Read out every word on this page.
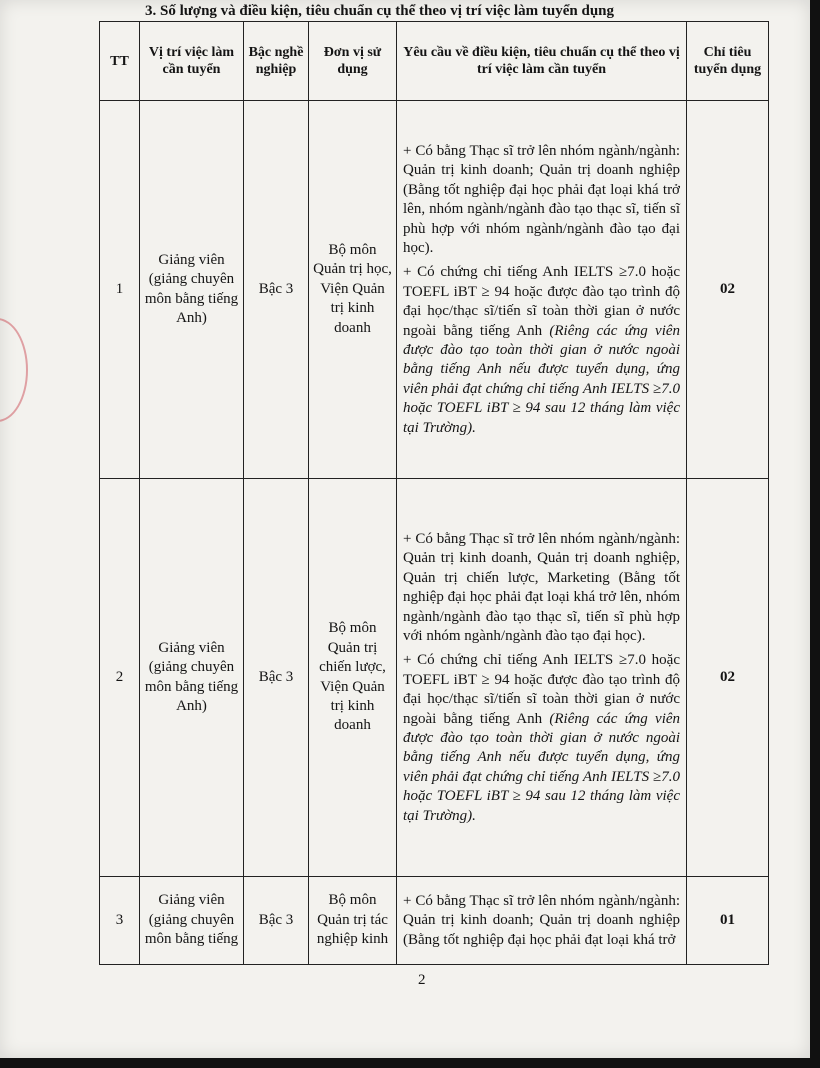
3. Số lượng và điều kiện, tiêu chuẩn cụ thể theo vị trí việc làm tuyển dụng
TT	Vị trí việc làm cần tuyển	Bậc nghề nghiệp	Đơn vị sử dụng	Yêu cầu về điều kiện, tiêu chuẩn cụ thể theo vị trí việc làm cần tuyển	Chỉ tiêu tuyển dụng
1	Giảng viên (giảng chuyên môn bằng tiếng Anh)	Bậc 3	Bộ môn Quản trị học, Viện Quản trị kinh doanh	+ Có bằng Thạc sĩ trở lên nhóm ngành/ngành: Quản trị kinh doanh; Quản trị doanh nghiệp (Bằng tốt nghiệp đại học phải đạt loại khá trở lên, nhóm ngành/ngành đào tạo thạc sĩ, tiến sĩ phù hợp với nhóm ngành/ngành đào tạo đại học).

+ Có chứng chỉ tiếng Anh IELTS ≥7.0 hoặc TOEFL iBT ≥ 94 hoặc được đào tạo trình độ đại học/thạc sĩ/tiến sĩ toàn thời gian ở nước ngoài bằng tiếng Anh (Riêng các ứng viên được đào tạo toàn thời gian ở nước ngoài bằng tiếng Anh nếu được tuyển dụng, ứng viên phải đạt chứng chỉ tiếng Anh IELTS ≥7.0 hoặc TOEFL iBT ≥ 94 sau 12 tháng làm việc tại Trường).	02
2	Giảng viên (giảng chuyên môn bằng tiếng Anh)	Bậc 3	Bộ môn Quản trị chiến lược, Viện Quản trị kinh doanh	+ Có bằng Thạc sĩ trở lên nhóm ngành/ngành: Quản trị kinh doanh, Quản trị doanh nghiệp, Quản trị chiến lược, Marketing (Bằng tốt nghiệp đại học phải đạt loại khá trở lên, nhóm ngành/ngành đào tạo thạc sĩ, tiến sĩ phù hợp với nhóm ngành/ngành đào tạo đại học).

+ Có chứng chỉ tiếng Anh IELTS ≥7.0 hoặc TOEFL iBT ≥ 94 hoặc được đào tạo trình độ đại học/thạc sĩ/tiến sĩ toàn thời gian ở nước ngoài bằng tiếng Anh (Riêng các ứng viên được đào tạo toàn thời gian ở nước ngoài bằng tiếng Anh nếu được tuyển dụng, ứng viên phải đạt chứng chỉ tiếng Anh IELTS ≥7.0 hoặc TOEFL iBT ≥ 94 sau 12 tháng làm việc tại Trường).	02
3	Giảng viên (giảng chuyên môn bằng tiếng	Bậc 3	Bộ môn Quản trị tác nghiệp kinh	+ Có bằng Thạc sĩ trở lên nhóm ngành/ngành: Quản trị kinh doanh; Quản trị doanh nghiệp (Bằng tốt nghiệp đại học phải đạt loại khá trở	01
2
